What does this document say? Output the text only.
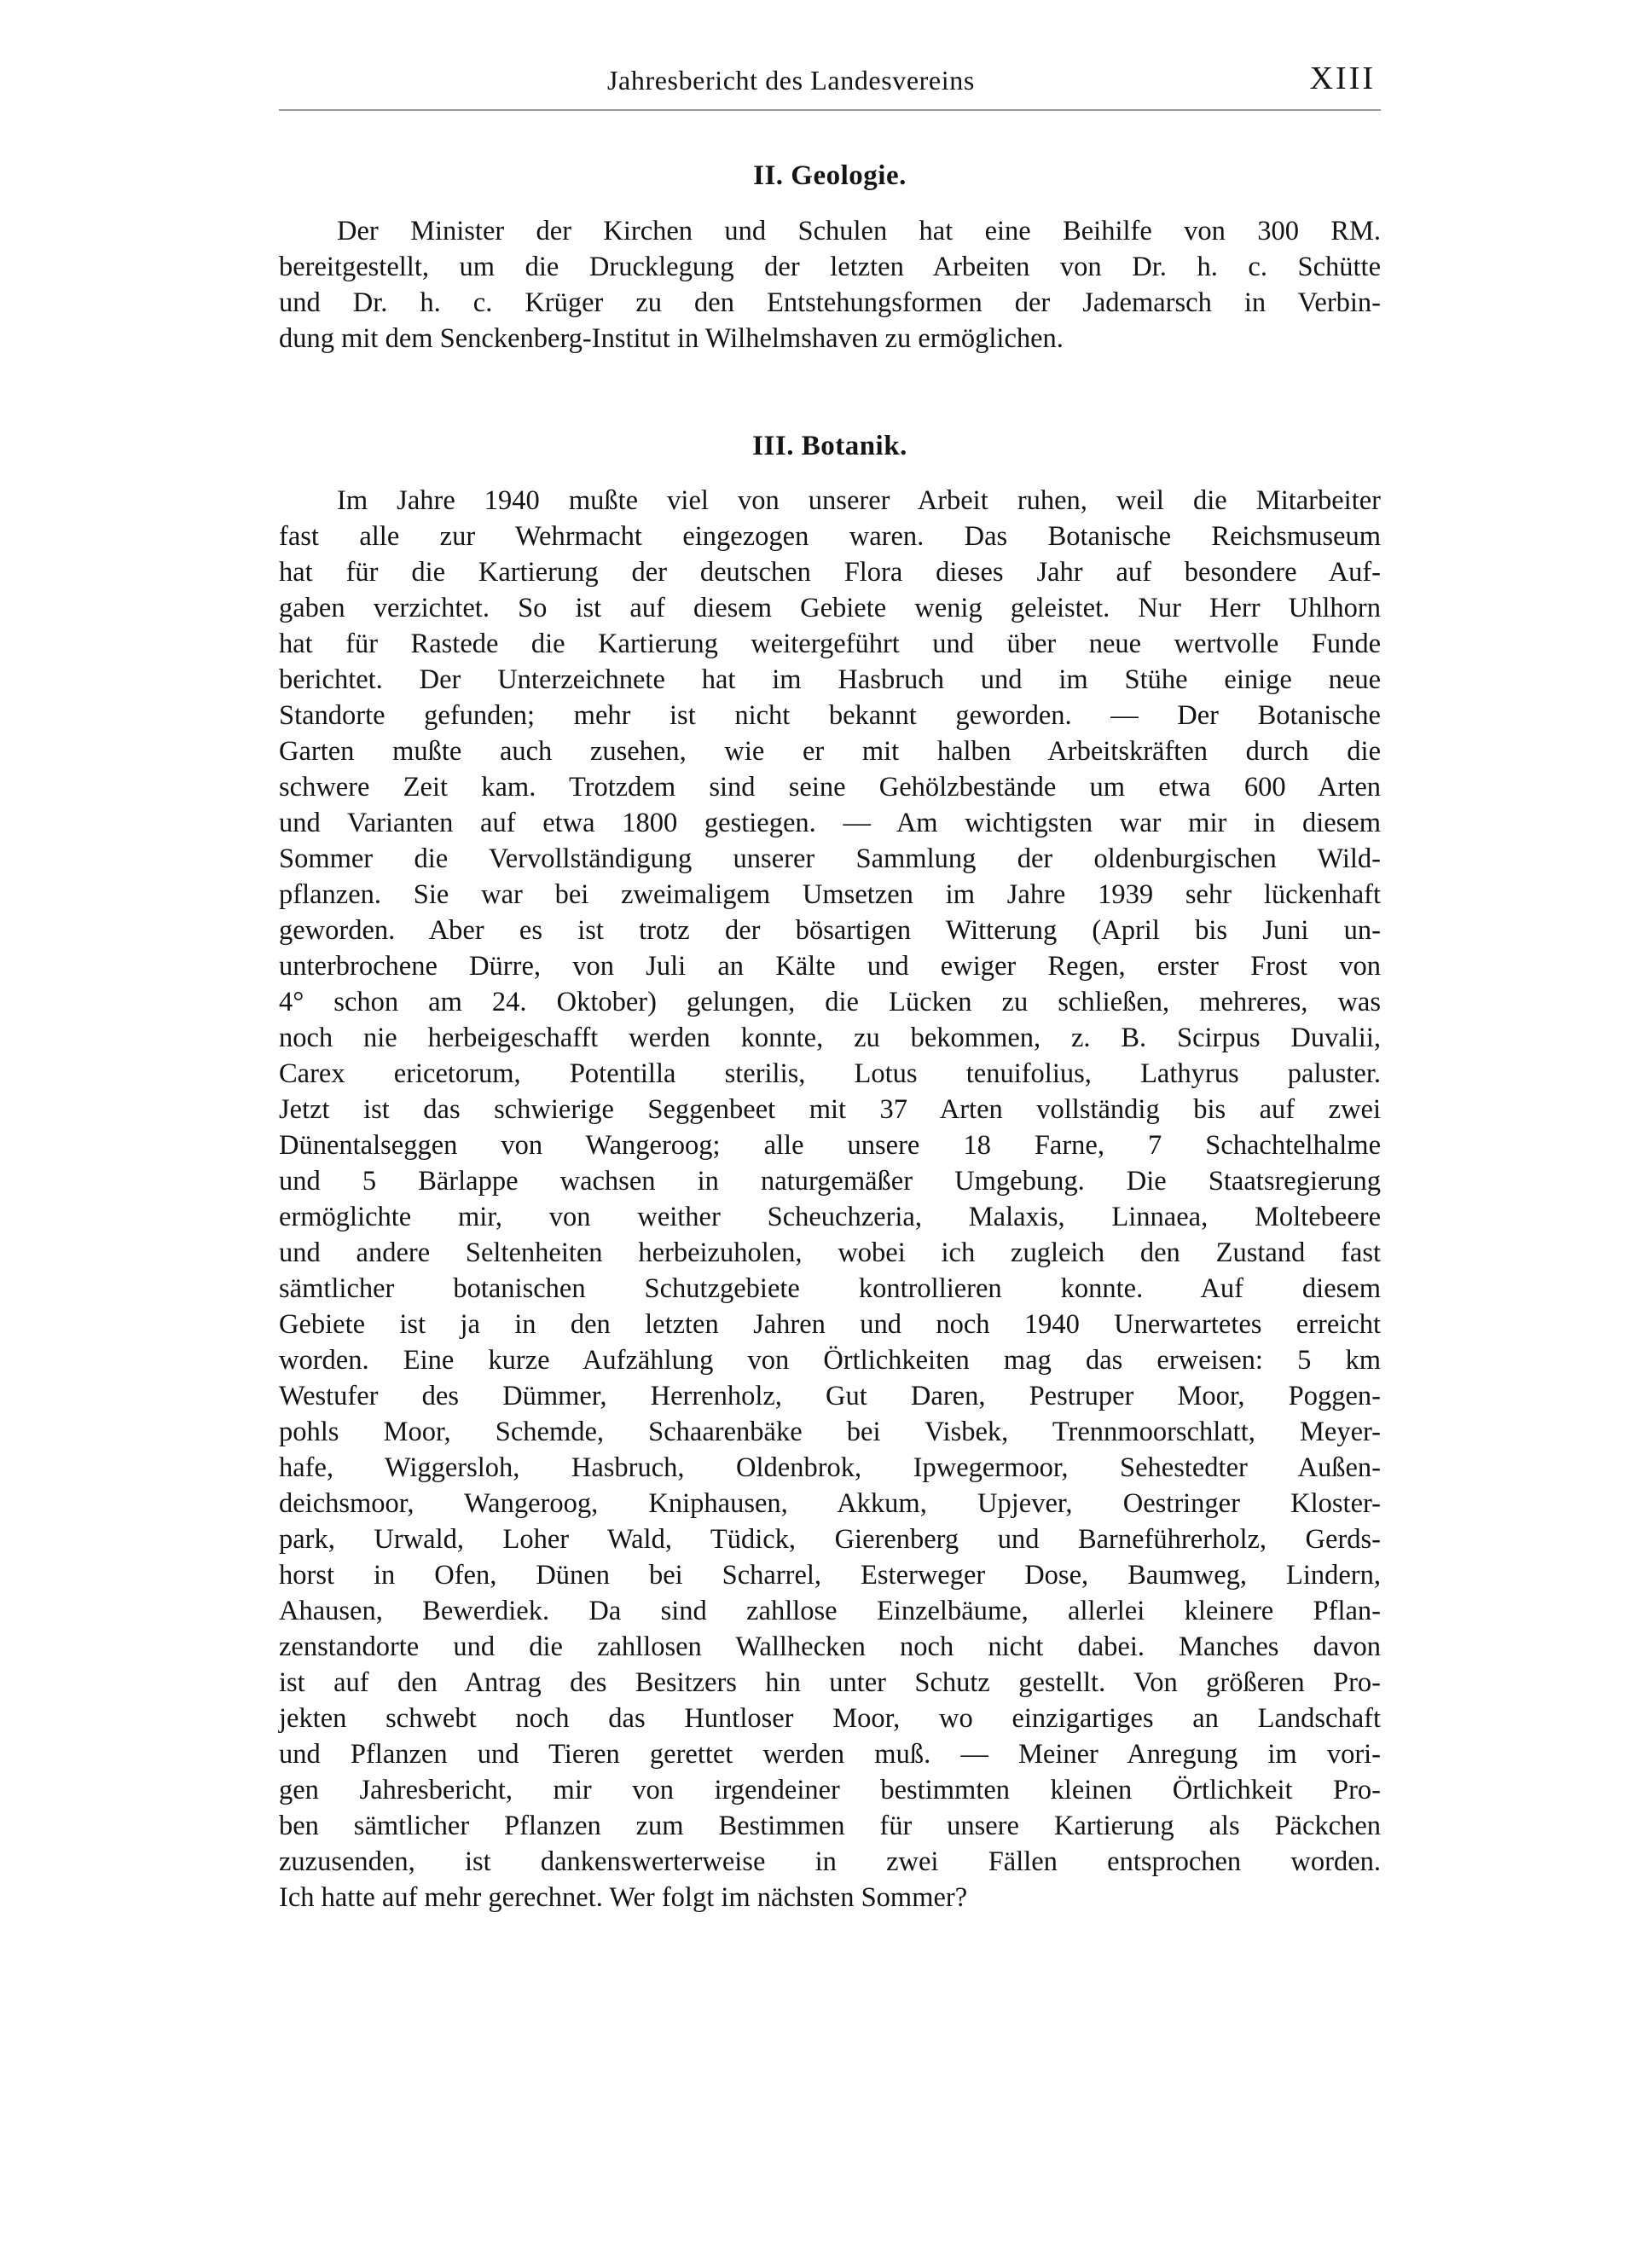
Jahresbericht des Landesvereins	XIII
II. Geologie.
Der Minister der Kirchen und Schulen hat eine Beihilfe von 300 RM.
bereitgestellt, um die Drucklegung der letzten Arbeiten von Dr. h. c. Schütte
und Dr. h. c. Krüger zu den Entstehungsformen der Jademarsch in Verbin-
dung mit dem Senckenberg-Institut in Wilhelmshaven zu ermöglichen.
III. Botanik.
Im Jahre 1940 mußte viel von unserer Arbeit ruhen, weil die Mitarbeiter
fast alle zur Wehrmacht eingezogen waren. Das Botanische Reichsmuseum
hat für die Kartierung der deutschen Flora dieses Jahr auf besondere Auf-
gaben verzichtet. So ist auf diesem Gebiete wenig geleistet. Nur Herr Uhlhorn
hat für Rastede die Kartierung weitergeführt und über neue wertvolle Funde
berichtet. Der Unterzeichnete hat im Hasbruch und im Stühe einige neue
Standorte gefunden; mehr ist nicht bekannt geworden. — Der Botanische
Garten mußte auch zusehen, wie er mit halben Arbeitskräften durch die
schwere Zeit kam. Trotzdem sind seine Gehölzbestände um etwa 600 Arten
und Varianten auf etwa 1800 gestiegen. — Am wichtigsten war mir in diesem
Sommer die Vervollständigung unserer Sammlung der oldenburgischen Wild-
pflanzen. Sie war bei zweimaligem Umsetzen im Jahre 1939 sehr lückenhaft
geworden. Aber es ist trotz der bösartigen Witterung (April bis Juni un-
unterbrochene Dürre, von Juli an Kälte und ewiger Regen, erster Frost von
4° schon am 24. Oktober) gelungen, die Lücken zu schließen, mehreres, was
noch nie herbeigeschafft werden konnte, zu bekommen, z. B. Scirpus Duvalii,
Carex ericetorum, Potentilla sterilis, Lotus tenuifolius, Lathyrus paluster.
Jetzt ist das schwierige Seggenbeet mit 37 Arten vollständig bis auf zwei
Dünentalseggen von Wangeroog; alle unsere 18 Farne, 7 Schachtelhalme
und 5 Bärlappe wachsen in naturgemäßer Umgebung. Die Staatsregierung
ermöglichte mir, von weither Scheuchzeria, Malaxis, Linnaea, Moltebeere
und andere Seltenheiten herbeizuholen, wobei ich zugleich den Zustand fast
sämtlicher botanischen Schutzgebiete kontrollieren konnte. Auf diesem
Gebiete ist ja in den letzten Jahren und noch 1940 Unerwartetes erreicht
worden. Eine kurze Aufzählung von Örtlichkeiten mag das erweisen: 5 km
Westufer des Dümmer, Herrenholz, Gut Daren, Pestruper Moor, Poggen-
pohls Moor, Schemde, Schaarenbäke bei Visbek, Trennmoorschlatt, Meyer-
hafe, Wiggersloh, Hasbruch, Oldenbrok, Ipwegermoor, Sehestedter Außen-
deichsmoor, Wangeroog, Kniphausen, Akkum, Upjever, Oestringer Kloster-
park, Urwald, Loher Wald, Tüdick, Gierenberg und Barneführerholz, Gerds-
horst in Ofen, Dünen bei Scharrel, Esterweger Dose, Baumweg, Lindern,
Ahausen, Bewerdiek. Da sind zahllose Einzelbäume, allerlei kleinere Pflan-
zenstandorte und die zahllosen Wallhecken noch nicht dabei. Manches davon
ist auf den Antrag des Besitzers hin unter Schutz gestellt. Von größeren Pro-
jekten schwebt noch das Huntloser Moor, wo einzigartiges an Landschaft
und Pflanzen und Tieren gerettet werden muß. — Meiner Anregung im vori-
gen Jahresbericht, mir von irgendeiner bestimmten kleinen Örtlichkeit Pro-
ben sämtlicher Pflanzen zum Bestimmen für unsere Kartierung als Päckchen
zuzusenden, ist dankenswerterweise in zwei Fällen entsprochen worden.
Ich hatte auf mehr gerechnet. Wer folgt im nächsten Sommer?
